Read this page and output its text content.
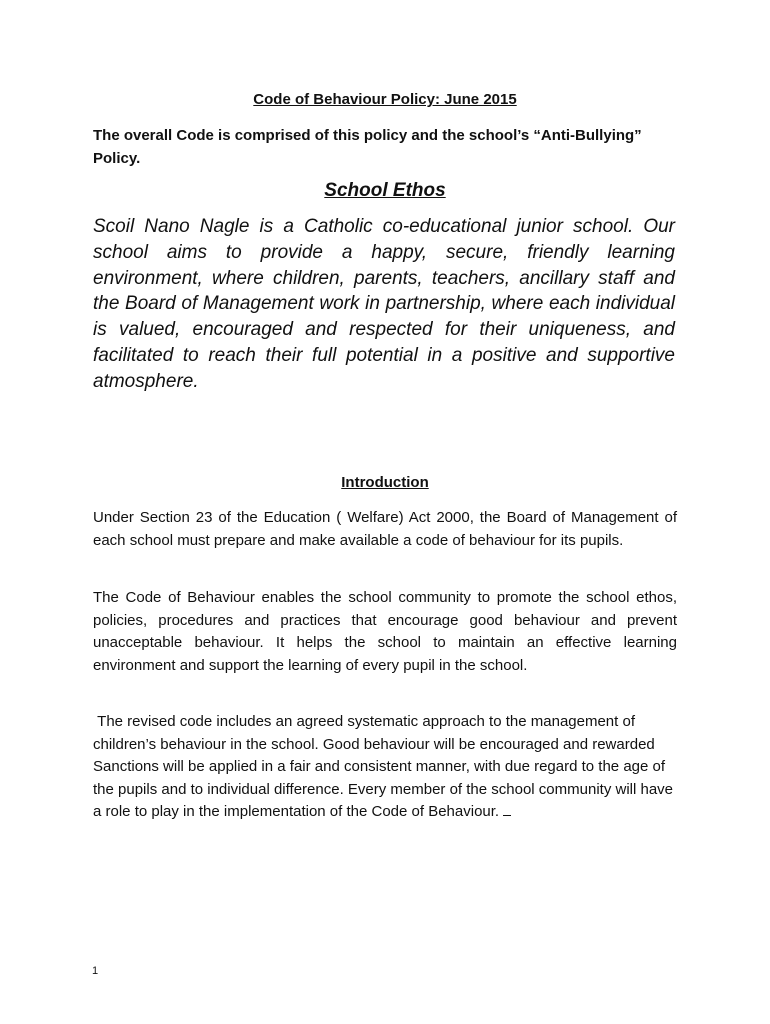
Code of Behaviour Policy: June 2015
The overall Code is comprised of this policy and the school’s “Anti-Bullying” Policy.
School Ethos
Scoil Nano Nagle is a Catholic co-educational junior school. Our school aims to provide a happy, secure, friendly learning environment, where children, parents, teachers, ancillary staff and the Board of Management work in partnership, where each individual is valued, encouraged and respected for their uniqueness, and facilitated to reach their full potential in a positive and supportive atmosphere.
Introduction
Under Section 23 of the Education ( Welfare) Act 2000, the Board of Management of each school must prepare and make available a code of behaviour for its pupils.
The Code of Behaviour enables the school community to promote the school ethos, policies, procedures and practices that encourage good behaviour and prevent unacceptable behaviour. It helps the school to maintain an effective learning environment and support the learning of every pupil in the school.
The revised code includes an agreed systematic approach to the management of children’s behaviour in the school. Good behaviour will be encouraged and rewarded   Sanctions will be applied in a fair and consistent manner, with due regard to the age of the pupils and to individual difference. Every member of the school community will have a role to play in the implementation of the Code of Behaviour.
1
